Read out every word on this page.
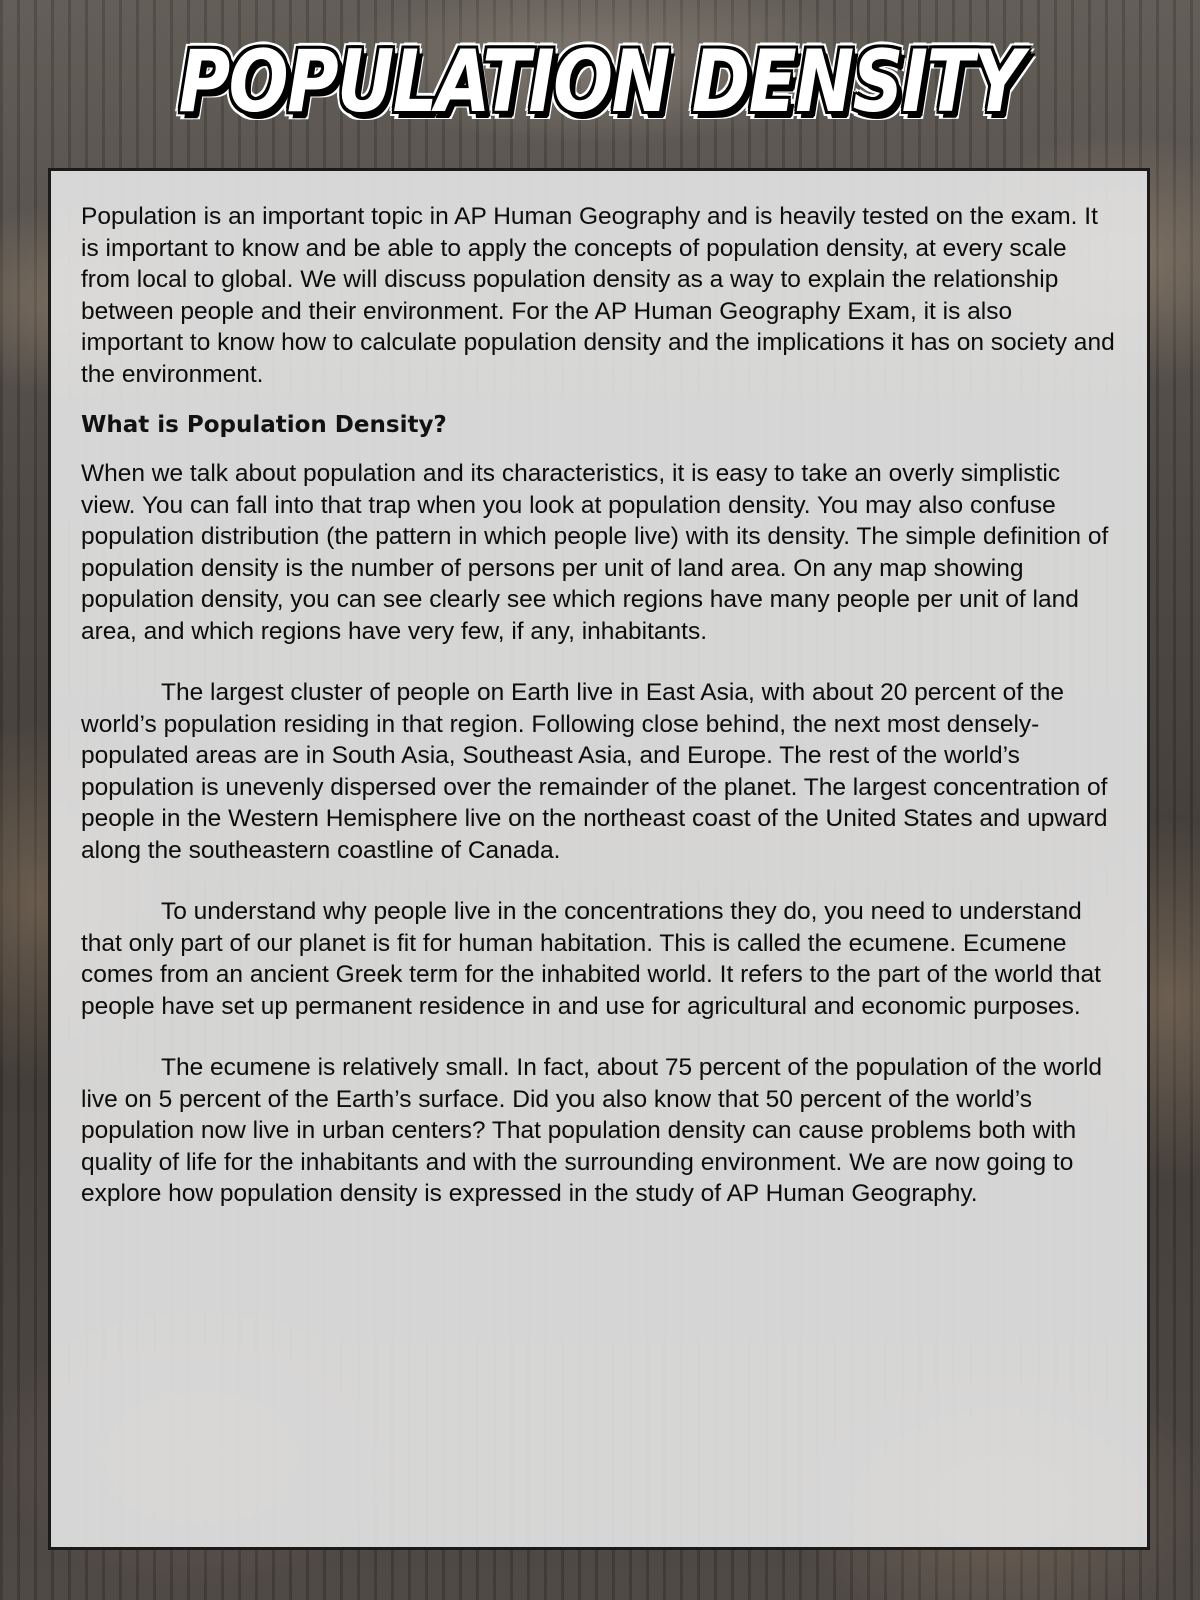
POPULATION DENSITY

Population is an important topic in AP Human Geography and is heavily tested on the exam. It is important to know and be able to apply the concepts of population density, at every scale from local to global. We will discuss population density as a way to explain the relationship between people and their environment. For the AP Human Geography Exam, it is also important to know how to calculate population density and the implications it has on society and the environment.

What is Population Density?

When we talk about population and its characteristics, it is easy to take an overly simplistic view. You can fall into that trap when you look at population density. You may also confuse population distribution (the pattern in which people live) with its density. The simple definition of population density is the number of persons per unit of land area. On any map showing population density, you can see clearly see which regions have many people per unit of land area, and which regions have very few, if any, inhabitants.

The largest cluster of people on Earth live in East Asia, with about 20 percent of the world’s population residing in that region. Following close behind, the next most densely-populated areas are in South Asia, Southeast Asia, and Europe. The rest of the world’s population is unevenly dispersed over the remainder of the planet. The largest concentration of people in the Western Hemisphere live on the northeast coast of the United States and upward along the southeastern coastline of Canada.

To understand why people live in the concentrations they do, you need to understand that only part of our planet is fit for human habitation. This is called the ecumene. Ecumene comes from an ancient Greek term for the inhabited world. It refers to the part of the world that people have set up permanent residence in and use for agricultural and economic purposes.

The ecumene is relatively small. In fact, about 75 percent of the population of the world live on 5 percent of the Earth’s surface. Did you also know that 50 percent of the world’s population now live in urban centers? That population density can cause problems both with quality of life for the inhabitants and with the surrounding environment. We are now going to explore how population density is expressed in the study of AP Human Geography.
